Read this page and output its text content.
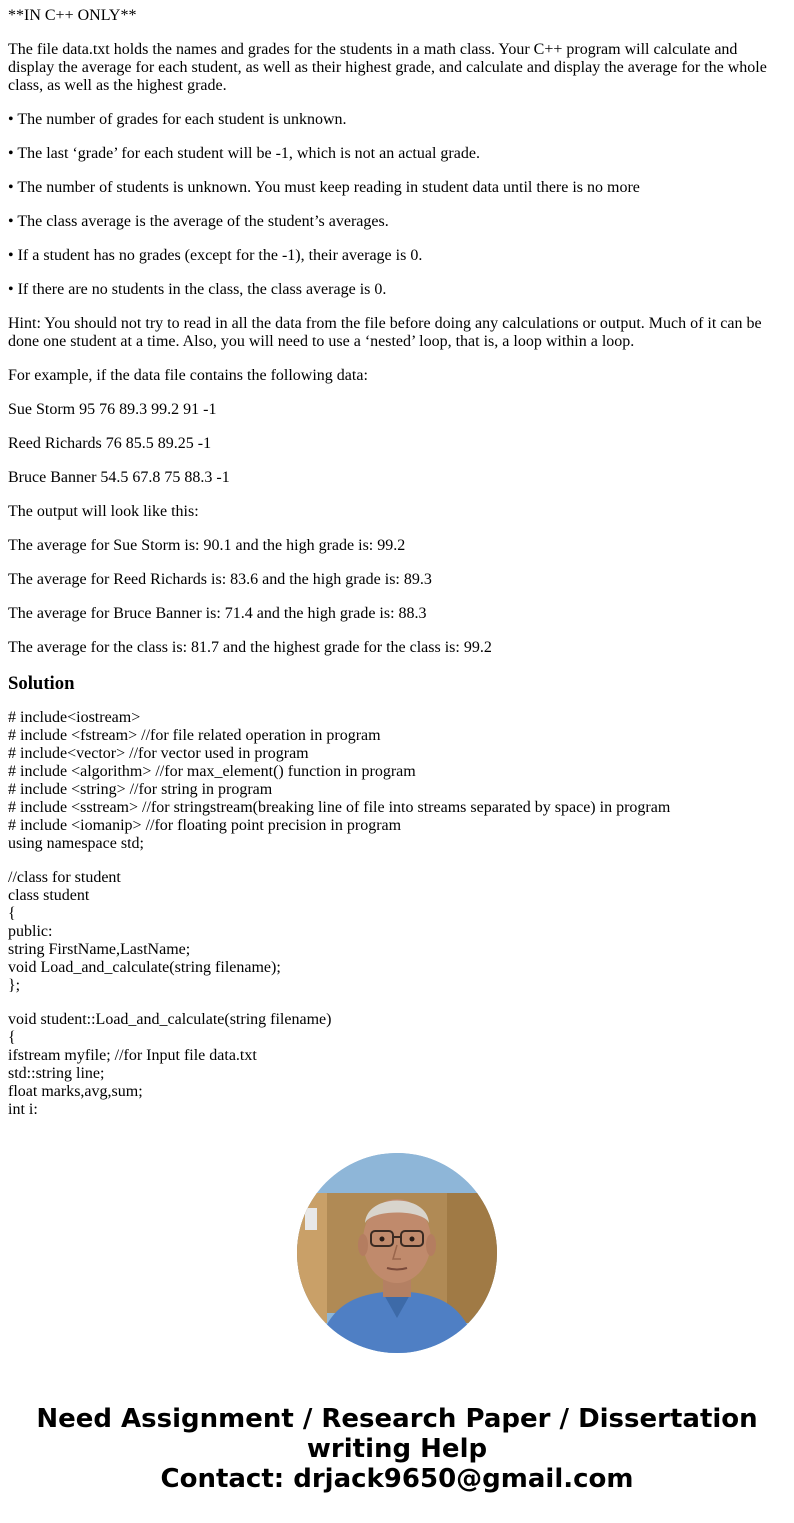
**IN C++ ONLY**

The file data.txt holds the names and grades for the students in a math class. Your C++ program will calculate and display the average for each student, as well as their highest grade, and calculate and display the average for the whole class, as well as the highest grade.

• The number of grades for each student is unknown.

• The last ‘grade’ for each student will be -1, which is not an actual grade.

• The number of students is unknown. You must keep reading in student data until there is no more

• The class average is the average of the student’s averages.

• If a student has no grades (except for the -1), their average is 0.

• If there are no students in the class, the class average is 0.

Hint: You should not try to read in all the data from the file before doing any calculations or output. Much of it can be done one student at a time. Also, you will need to use a ‘nested’ loop, that is, a loop within a loop.

For example, if the data file contains the following data:

Sue Storm 95 76 89.3 99.2 91 -1

Reed Richards 76 85.5 89.25 -1

Bruce Banner 54.5 67.8 75 88.3 -1

The output will look like this:

The average for Sue Storm is: 90.1 and the high grade is: 99.2

The average for Reed Richards is: 83.6 and the high grade is: 89.3

The average for Bruce Banner is: 71.4 and the high grade is: 88.3

The average for the class is: 81.7 and the highest grade for the class is: 99.2

Solution
# include<iostream>
# include <fstream> //for file related operation in program
# include<vector> //for vector used in program
# include <algorithm> //for max_element() function in program
# include <string> //for string in program
# include <sstream> //for stringstream(breaking line of file into streams separated by space) in program
# include <iomanip> //for floating point precision in program
using namespace std;
//class for student
class student
{
public:
string FirstName,LastName;
void Load_and_calculate(string filename);
};
void student::Load_and_calculate(string filename)
{
ifstream myfile; //for Input file data.txt
std::string line;
float marks,avg,sum;
int i:
Need Assignment / Research Paper / Dissertation
writing Help
Contact: drjack9650@gmail.com
